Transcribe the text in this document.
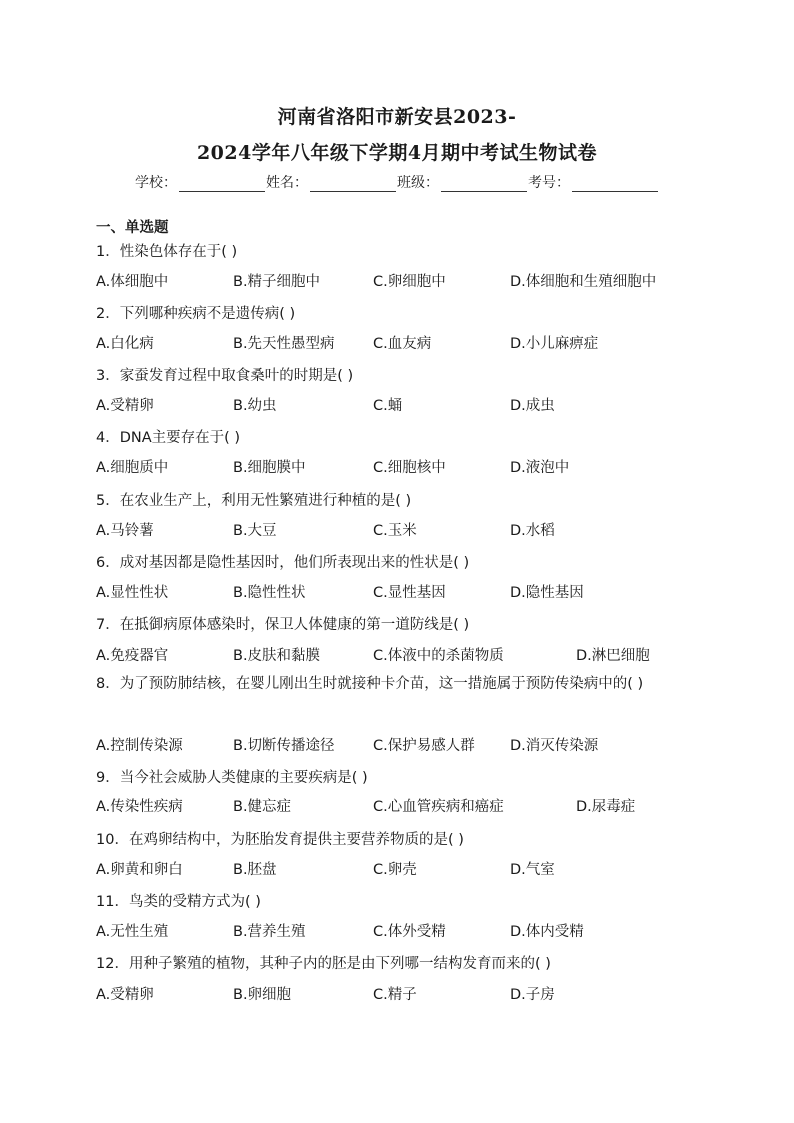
河南省洛阳市新安县2023-
2024学年八年级下学期4月期中考试生物试卷
学校：	姓名：	班级：	考号：
一、单选题
1．性染色体存在于( )
A.体细胞中	B.精子细胞中	C.卵细胞中	D.体细胞和生殖细胞中
2．下列哪种疾病不是遗传病( )
A.白化病	B.先天性愚型病	C.血友病	D.小儿麻痹症
3．家蚕发育过程中取食桑叶的时期是( )
A.受精卵	B.幼虫	C.蛹	D.成虫
4．DNA主要存在于( )
A.细胞质中	B.细胞膜中	C.细胞核中	D.液泡中
5．在农业生产上，利用无性繁殖进行种植的是( )
A.马铃薯	B.大豆	C.玉米	D.水稻
6．成对基因都是隐性基因时，他们所表现出来的性状是( )
A.显性性状	B.隐性性状	C.显性基因	D.隐性基因
7．在抵御病原体感染时，保卫人体健康的第一道防线是( )
A.免疫器官	B.皮肤和黏膜	C.体液中的杀菌物质	D.淋巴细胞
8．为了预防肺结核，在婴儿刚出生时就接种卡介苗，这一措施属于预防传染病中的( )
A.控制传染源	B.切断传播途径	C.保护易感人群 D.消灭传染源
9．当今社会威胁人类健康的主要疾病是( )
A.传染性疾病	B.健忘症	C.心血管疾病和癌症	D.尿毒症
10．在鸡卵结构中，为胚胎发育提供主要营养物质的是( )
A.卵黄和卵白	B.胚盘	C.卵壳	D.气室
11．鸟类的受精方式为( )
A.无性生殖	B.营养生殖	C.体外受精	D.体内受精
12．用种子繁殖的植物，其种子内的胚是由下列哪一结构发育而来的( )
A.受精卵	B.卵细胞	C.精子	D.子房
